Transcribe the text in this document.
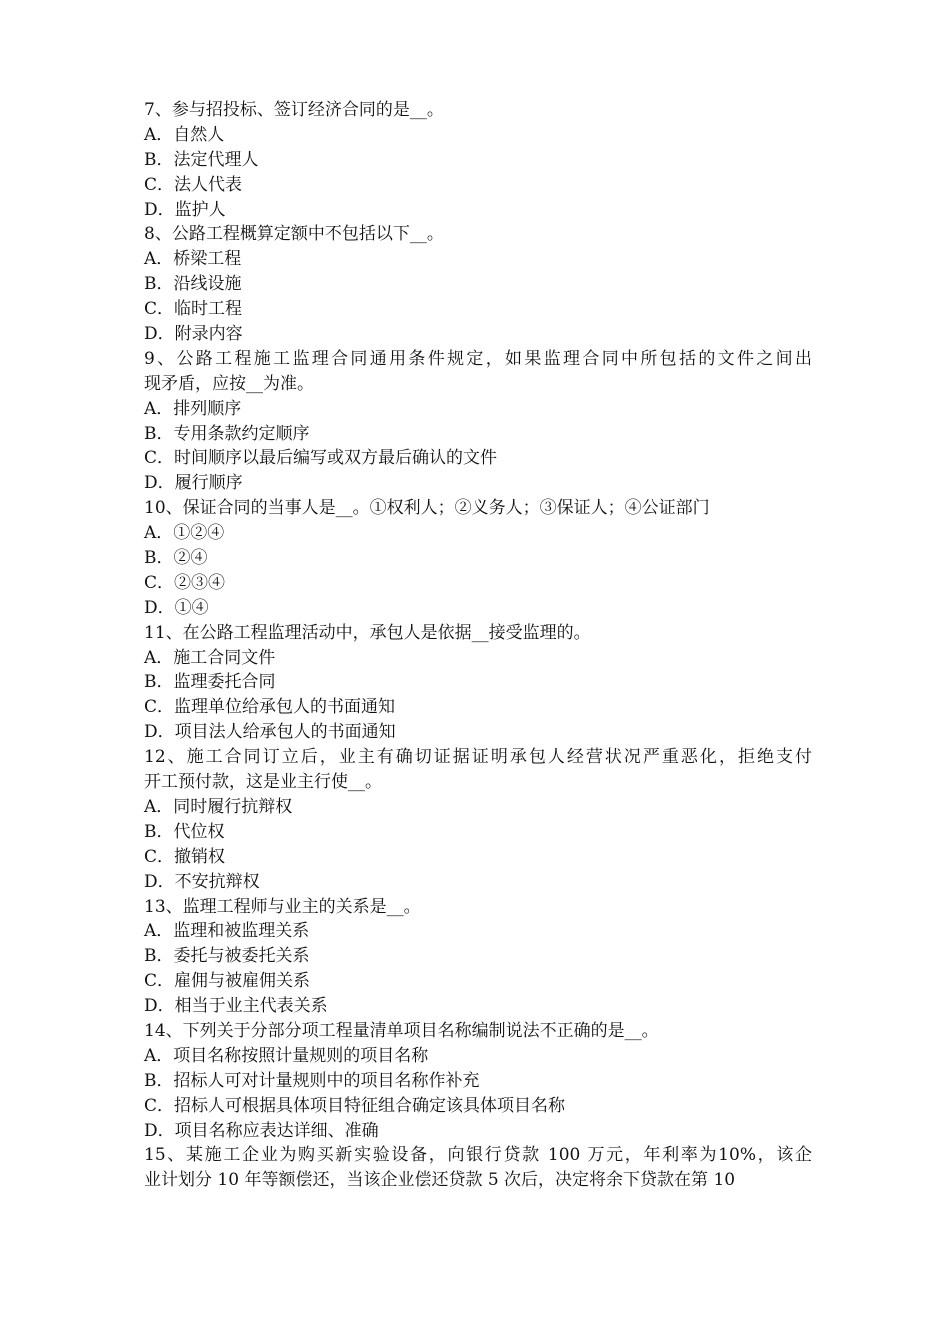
7、参与招投标、签订经济合同的是__。
A．自然人
B．法定代理人
C．法人代表
D．监护人
8、公路工程概算定额中不包括以下__。
A．桥梁工程
B．沿线设施
C．临时工程
D．附录内容
9、公路工程施工监理合同通用条件规定，如果监理合同中所包括的文件之间出
现矛盾，应按__为准。
A．排列顺序
B．专用条款约定顺序
C．时间顺序以最后编写或双方最后确认的文件
D．履行顺序
10、保证合同的当事人是__。①权利人；②义务人；③保证人；④公证部门
A．①②④
B．②④
C．②③④
D．①④
11、在公路工程监理活动中，承包人是依据__接受监理的。
A．施工合同文件
B．监理委托合同
C．监理单位给承包人的书面通知
D．项目法人给承包人的书面通知
12、施工合同订立后，业主有确切证据证明承包人经营状况严重恶化，拒绝支付
开工预付款，这是业主行使__。
A．同时履行抗辩权
B．代位权
C．撤销权
D．不安抗辩权
13、监理工程师与业主的关系是__。
A．监理和被监理关系
B．委托与被委托关系
C．雇佣与被雇佣关系
D．相当于业主代表关系
14、下列关于分部分项工程量清单项目名称编制说法不正确的是__。
A．项目名称按照计量规则的项目名称
B．招标人可对计量规则中的项目名称作补充
C．招标人可根据具体项目特征组合确定该具体项目名称
D．项目名称应表达详细、准确
15、某施工企业为购买新实验设备，向银行贷款 100 万元，年利率为10%，该企
业计划分 10 年等额偿还，当该企业偿还贷款 5 次后，决定将余下贷款在第 10
